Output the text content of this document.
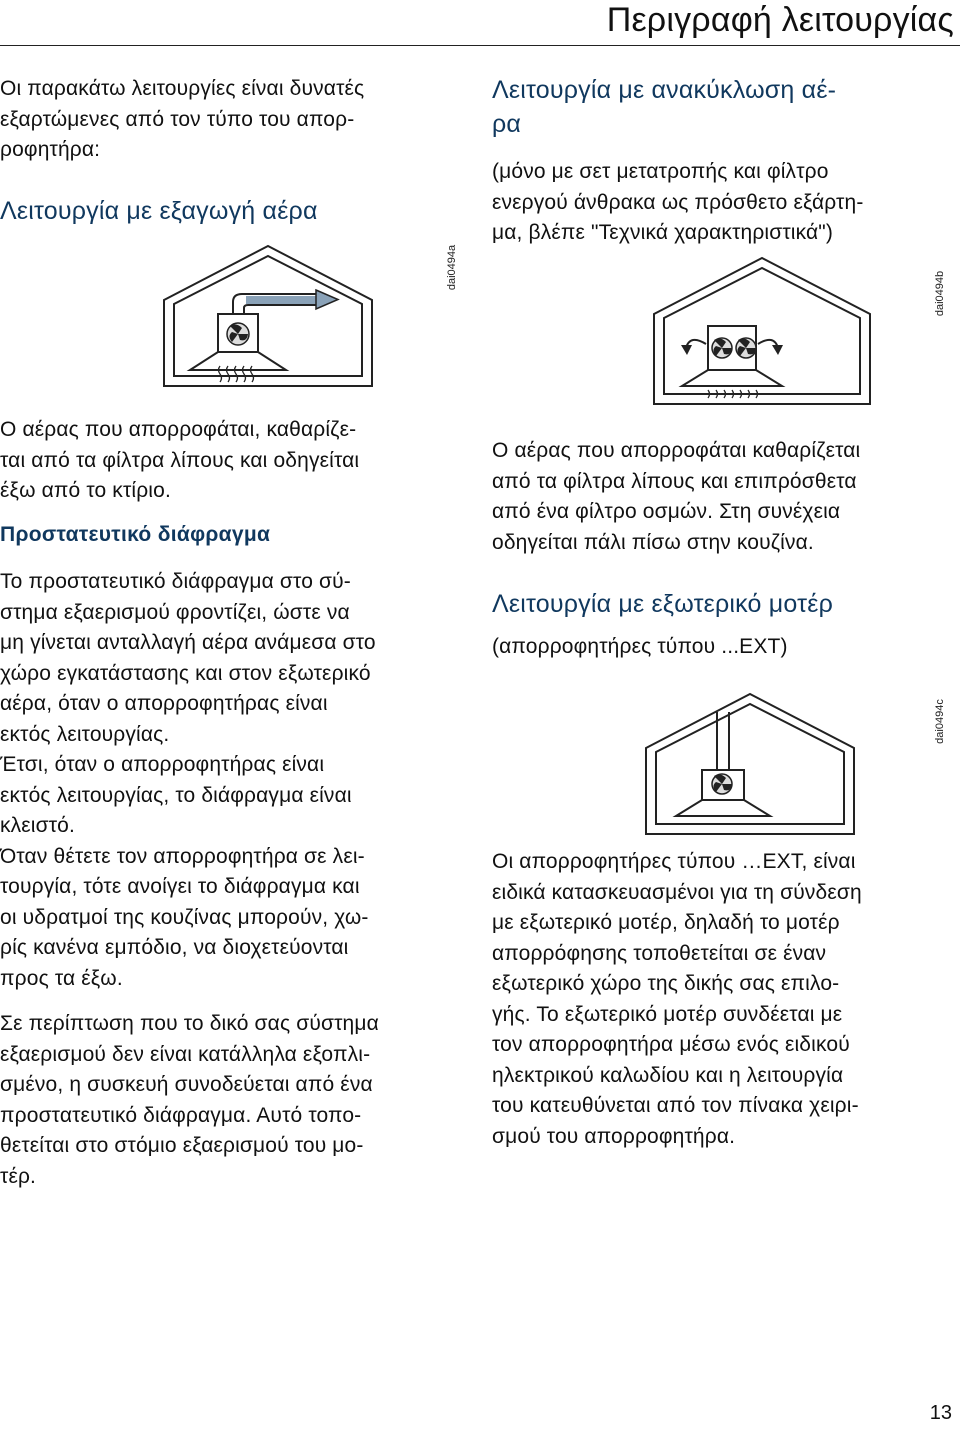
Περιγραφή λειτουργίας
Οι παρακάτω λειτουργίες είναι δυνατές
εξαρτώμενες από τον τύπο του απορ-
ροφητήρα:
Λειτουργία με εξαγωγή αέρα
dai0494a
Ο αέρας που απορροφάται, καθαρίζε-
ται από τα φίλτρα λίπους και οδηγείται
έξω από το κτίριο.
Προστατευτικό διάφραγμα
Το προστατευτικό διάφραγμα στο σύ-
στημα εξαερισμού φροντίζει, ώστε να
μη γίνεται ανταλλαγή αέρα ανάμεσα στο
χώρο εγκατάστασης και στον εξωτερικό
αέρα, όταν ο απορροφητήρας είναι
εκτός λειτουργίας.
Έτσι, όταν ο απορροφητήρας είναι
εκτός λειτουργίας, το διάφραγμα είναι
κλειστό.
Όταν θέτετε τον απορροφητήρα σε λει-
τουργία, τότε ανοίγει το διάφραγμα και
οι υδρατμοί της κουζίνας μπορούν, χω-
ρίς κανένα εμπόδιο, να διοχετεύονται
προς τα έξω.
Σε περίπτωση που το δικό σας σύστημα
εξαερισμού δεν είναι κατάλληλα εξοπλι-
σμένο, η συσκευή συνοδεύεται από ένα
προστατευτικό διάφραγμα. Αυτό τοπο-
θετείται στο στόμιο εξαερισμού του μο-
τέρ.
Λειτουργία με ανακύκλωση αέ-
ρα
(μόνο με σετ μετατροπής και φίλτρο
ενεργού άνθρακα ως πρόσθετο εξάρτη-
μα, βλέπε "Τεχνικά χαρακτηριστικά")
dai0494b
Ο αέρας που απορροφάται καθαρίζεται
από τα φίλτρα λίπους και επιπρόσθετα
από ένα φίλτρο οσμών. Στη συνέχεια
οδηγείται πάλι πίσω στην κουζίνα.
Λειτουργία με εξωτερικό μοτέρ
(απορροφητήρες τύπου ...EXT)
dai0494c
Οι απορροφητήρες τύπου …EXT, είναι
ειδικά κατασκευασμένοι για τη σύνδεση
με εξωτερικό μοτέρ, δηλαδή το μοτέρ
απορρόφησης τοποθετείται σε έναν
εξωτερικό χώρο της δικής σας επιλο-
γής. Το εξωτερικό μοτέρ συνδέεται με
τον απορροφητήρα μέσω ενός ειδικού
ηλεκτρικού καλωδίου και η λειτουργία
του κατευθύνεται από τον πίνακα χειρι-
σμού του απορροφητήρα.
13
